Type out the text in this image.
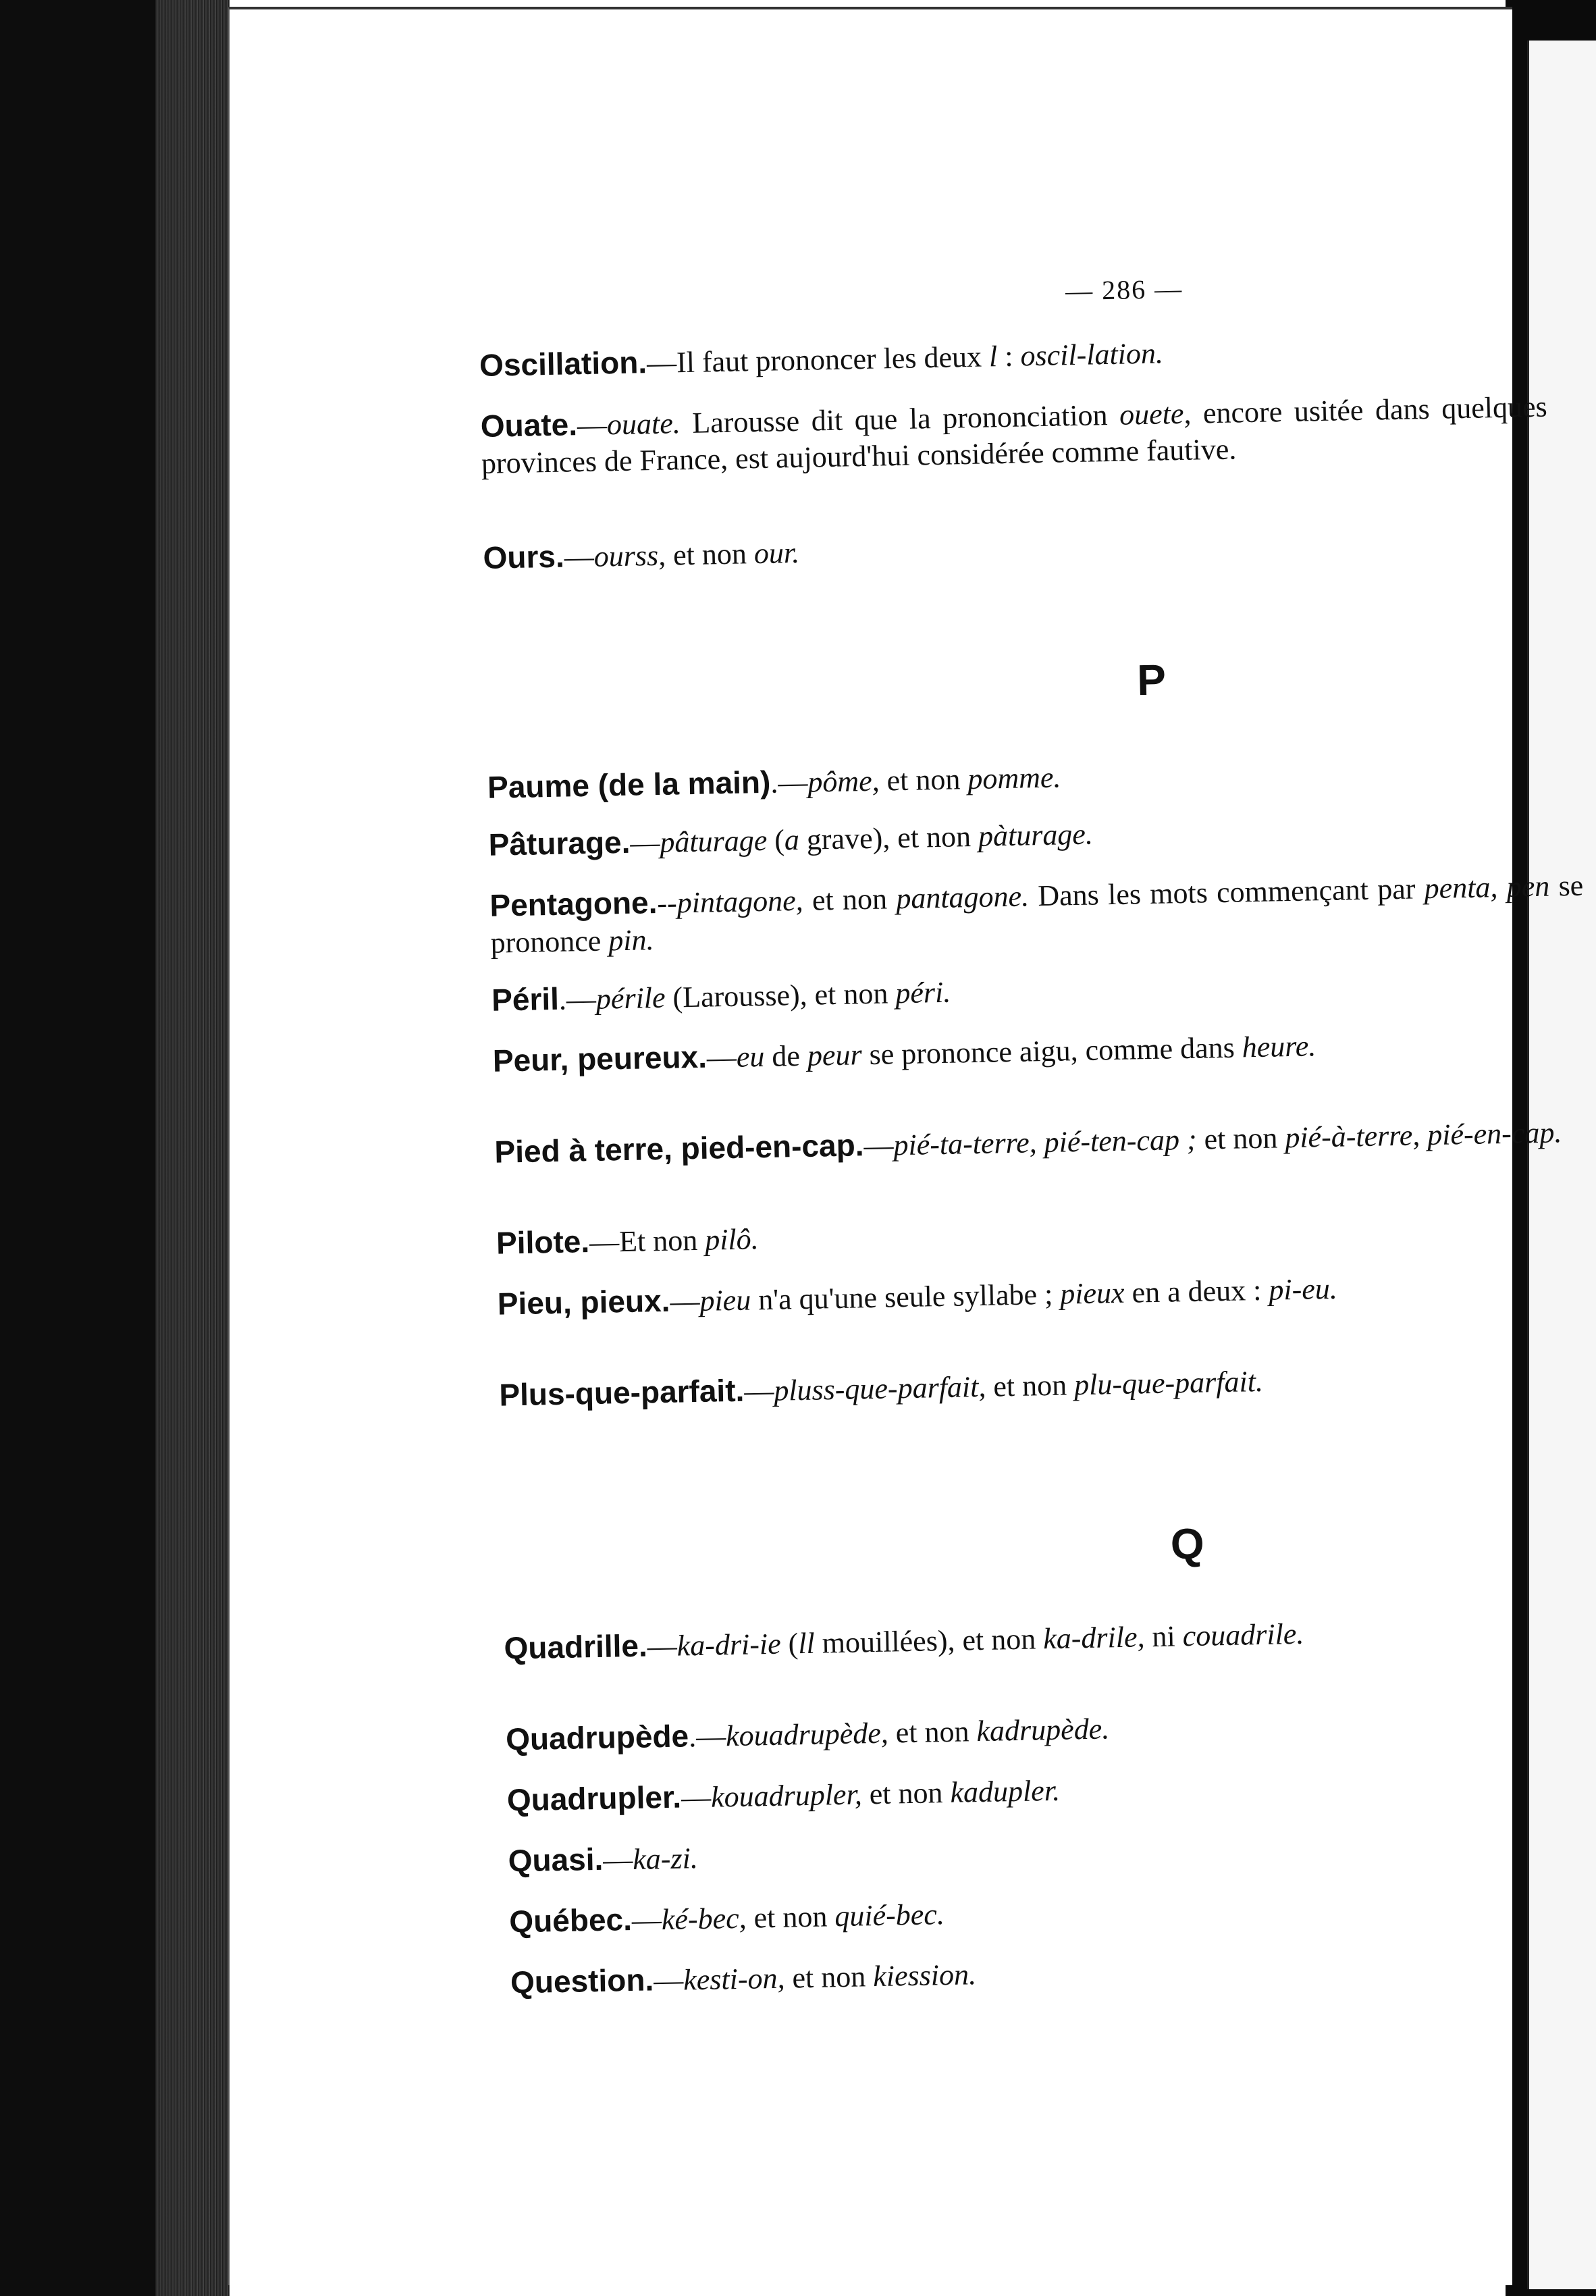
— 286 —
Oscillation.—Il faut prononcer les deux l : oscil-lation.
Ouate.—ouate. Larousse dit que la prononciation ouete, encore usitée dans quelques provinces de France, est aujourd'hui considérée comme fautive.
Ours.—ourss, et non our.
P
Paume (de la main).—pôme, et non pomme.
Pâturage.—pâturage (a grave), et non pàturage.
Pentagone.--pintagone, et non pantagone. Dans les mots commençant par penta, pen se prononce pin.
Péril.—périle (Larousse), et non péri.
Peur, peureux.—eu de peur se prononce aigu, comme dans heure.
Pied à terre, pied-en-cap.—pié-ta-terre, pié-ten-cap ; et non pié-à-terre, pié-en-cap.
Pilote.—Et non pilô.
Pieu, pieux.—pieu n'a qu'une seule syllabe ; pieux en a deux : pi-eu.
Plus-que-parfait.—pluss-que-parfait, et non plu-que-parfait.
Q
Quadrille.—ka-dri-ie (ll mouillées), et non ka-drile, ni couadrile.
Quadrupède.—kouadrupède, et non kadrupède.
Quadrupler.—kouadrupler, et non kadupler.
Quasi.—ka-zi.
Québec.—ké-bec, et non quié-bec.
Question.—kesti-on, et non kiession.
